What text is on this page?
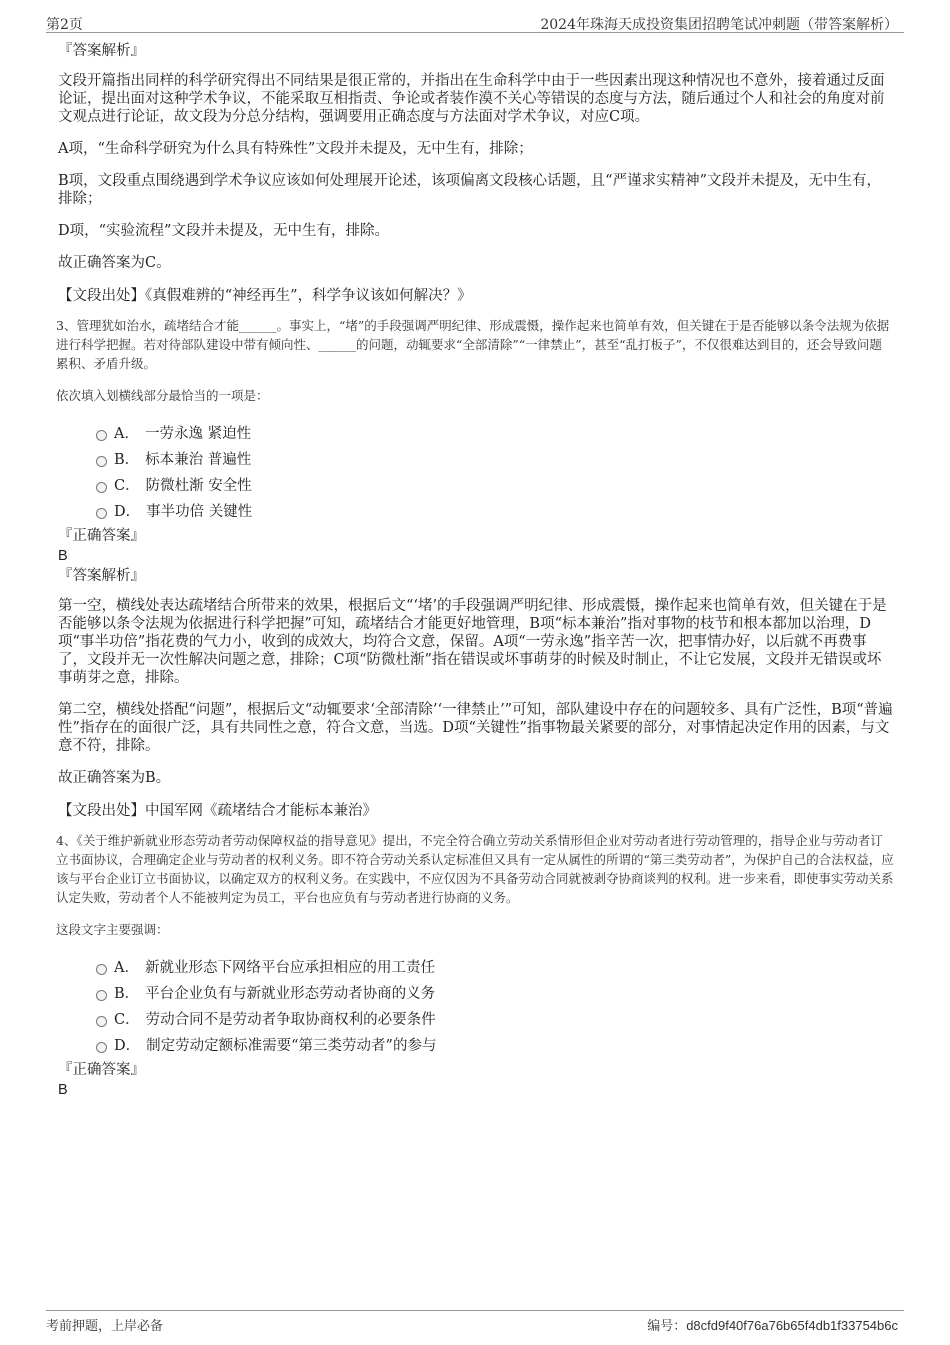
第2页	2024年珠海天成投资集团招聘笔试冲刺题（带答案解析）
『答案解析』

文段开篇指出同样的科学研究得出不同结果是很正常的，并指出在生命科学中由于一些因素出现这种情况也不意外，接着通过反面论证，提出面对这种学术争议，不能采取互相指责、争论或者装作漠不关心等错误的态度与方法，随后通过个人和社会的角度对前文观点进行论证，故文段为分总分结构，强调要用正确态度与方法面对学术争议，对应C项。

A项，“生命科学研究为什么具有特殊性”文段并未提及，无中生有，排除；

B项，文段重点围绕遇到学术争议应该如何处理展开论述，该项偏离文段核心话题，且“严谨求实精神”文段并未提及，无中生有，排除；

D项，“实验流程”文段并未提及，无中生有，排除。

故正确答案为C。

【文段出处】《真假难辨的“神经再生”，科学争议该如何解决？》

3、管理犹如治水，疏堵结合才能______。事实上，“堵”的手段强调严明纪律、形成震慑，操作起来也简单有效，但关键在于是否能够以条令法规为依据进行科学把握。若对待部队建设中带有倾向性、______的问题，动辄要求“全部清除”“一律禁止”，甚至“乱打板子”，不仅很难达到目的，还会导致问题累积、矛盾升级。

依次填入划横线部分最恰当的一项是：

A． 一劳永逸 紧迫性
B． 标本兼治 普遍性
C． 防微杜渐 安全性
D． 事半功倍 关键性
『正确答案』

B

『答案解析』

第一空，横线处表达疏堵结合所带来的效果，根据后文“‘堵’的手段强调严明纪律、形成震慑，操作起来也简单有效，但关键在于是否能够以条令法规为依据进行科学把握”可知，疏堵结合才能更好地管理，B项“标本兼治”指对事物的枝节和根本都加以治理，D项“事半功倍”指花费的气力小，收到的成效大，均符合文意，保留。A项“一劳永逸”指辛苦一次，把事情办好，以后就不再费事了，文段并无一次性解决问题之意，排除；C项“防微杜渐”指在错误或坏事萌芽的时候及时制止，不让它发展，文段并无错误或坏事萌芽之意，排除。

第二空，横线处搭配“问题”，根据后文“动辄要求‘全部清除’‘一律禁止’”可知，部队建设中存在的问题较多、具有广泛性，B项“普遍性”指存在的面很广泛，具有共同性之意，符合文意，当选。D项“关键性”指事物最关紧要的部分，对事情起决定作用的因素，与文意不符，排除。

故正确答案为B。

【文段出处】中国军网《疏堵结合才能标本兼治》

4、《关于维护新就业形态劳动者劳动保障权益的指导意见》提出，不完全符合确立劳动关系情形但企业对劳动者进行劳动管理的，指导企业与劳动者订立书面协议，合理确定企业与劳动者的权利义务。即不符合劳动关系认定标准但又具有一定从属性的所谓的“第三类劳动者”，为保护自己的合法权益，应该与平台企业订立书面协议，以确定双方的权利义务。在实践中，不应仅因为不具备劳动合同就被剥夺协商谈判的权利。进一步来看，即使事实劳动关系认定失败，劳动者个人不能被判定为员工，平台也应负有与劳动者进行协商的义务。

这段文字主要强调：

A． 新就业形态下网络平台应承担相应的用工责任
B． 平台企业负有与新就业形态劳动者协商的义务
C． 劳动合同不是劳动者争取协商权利的必要条件
D． 制定劳动定额标准需要“第三类劳动者”的参与
『正确答案』

B

考前押题，上岸必备	编号：d8cfd9f40f76a76b65f4db1f33754b6c
